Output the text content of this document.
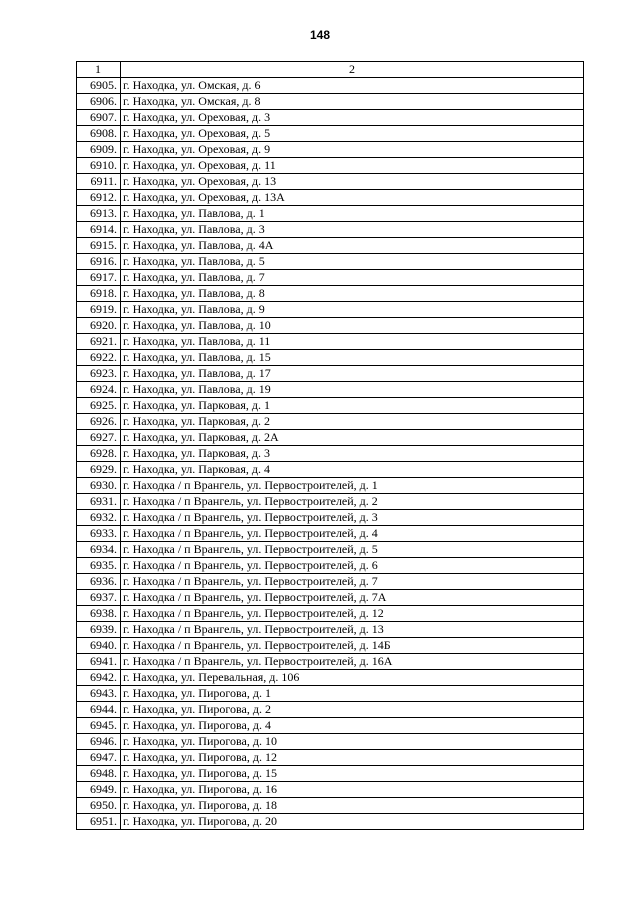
148
1	2
6905.	г. Находка, ул. Омская, д. 6
6906.	г. Находка, ул. Омская, д. 8
6907.	г. Находка, ул. Ореховая, д. 3
6908.	г. Находка, ул. Ореховая, д. 5
6909.	г. Находка, ул. Ореховая, д. 9
6910.	г. Находка, ул. Ореховая, д. 11
6911.	г. Находка, ул. Ореховая, д. 13
6912.	г. Находка, ул. Ореховая, д. 13А
6913.	г. Находка, ул. Павлова, д. 1
6914.	г. Находка, ул. Павлова, д. 3
6915.	г. Находка, ул. Павлова, д. 4А
6916.	г. Находка, ул. Павлова, д. 5
6917.	г. Находка, ул. Павлова, д. 7
6918.	г. Находка, ул. Павлова, д. 8
6919.	г. Находка, ул. Павлова, д. 9
6920.	г. Находка, ул. Павлова, д. 10
6921.	г. Находка, ул. Павлова, д. 11
6922.	г. Находка, ул. Павлова, д. 15
6923.	г. Находка, ул. Павлова, д. 17
6924.	г. Находка, ул. Павлова, д. 19
6925.	г. Находка, ул. Парковая, д. 1
6926.	г. Находка, ул. Парковая, д. 2
6927.	г. Находка, ул. Парковая, д. 2А
6928.	г. Находка, ул. Парковая, д. 3
6929.	г. Находка, ул. Парковая, д. 4
6930.	г. Находка / п Врангель, ул. Первостроителей, д. 1
6931.	г. Находка / п Врангель, ул. Первостроителей, д. 2
6932.	г. Находка / п Врангель, ул. Первостроителей, д. 3
6933.	г. Находка / п Врангель, ул. Первостроителей, д. 4
6934.	г. Находка / п Врангель, ул. Первостроителей, д. 5
6935.	г. Находка / п Врангель, ул. Первостроителей, д. 6
6936.	г. Находка / п Врангель, ул. Первостроителей, д. 7
6937.	г. Находка / п Врангель, ул. Первостроителей, д. 7А
6938.	г. Находка / п Врангель, ул. Первостроителей, д. 12
6939.	г. Находка / п Врангель, ул. Первостроителей, д. 13
6940.	г. Находка / п Врангель, ул. Первостроителей, д. 14Б
6941.	г. Находка / п Врангель, ул. Первостроителей, д. 16А
6942.	г. Находка, ул. Перевальная, д. 106
6943.	г. Находка, ул. Пирогова, д. 1
6944.	г. Находка, ул. Пирогова, д. 2
6945.	г. Находка, ул. Пирогова, д. 4
6946.	г. Находка, ул. Пирогова, д. 10
6947.	г. Находка, ул. Пирогова, д. 12
6948.	г. Находка, ул. Пирогова, д. 15
6949.	г. Находка, ул. Пирогова, д. 16
6950.	г. Находка, ул. Пирогова, д. 18
6951.	г. Находка, ул. Пирогова, д. 20
